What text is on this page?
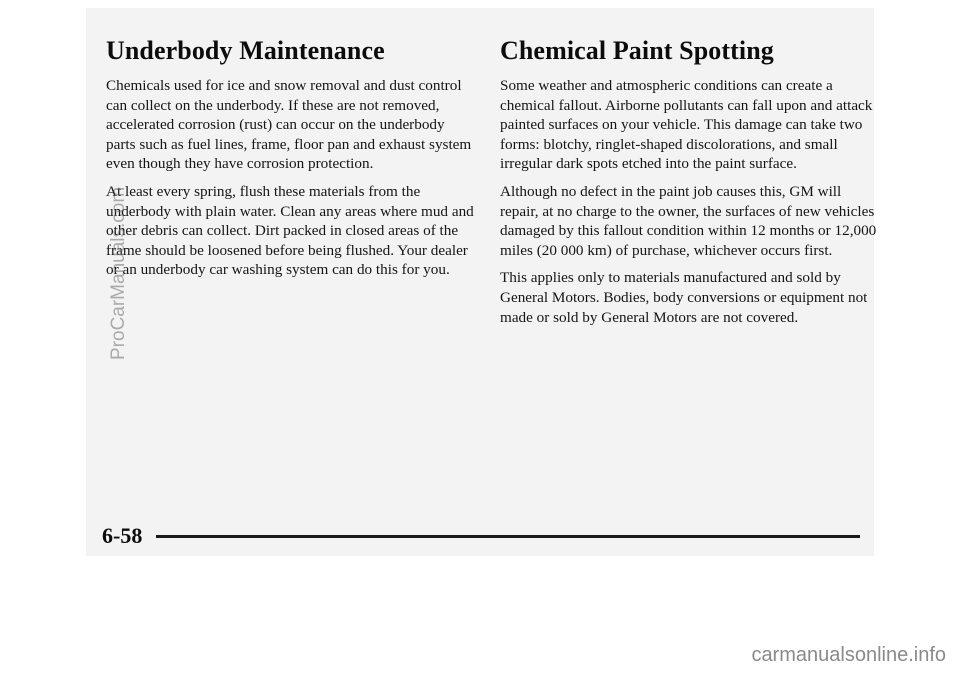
Underbody Maintenance

Chemicals used for ice and snow removal and dust control can collect on the underbody. If these are not removed, accelerated corrosion (rust) can occur on the underbody parts such as fuel lines, frame, floor pan and exhaust system even though they have corrosion protection.

At least every spring, flush these materials from the underbody with plain water. Clean any areas where mud and other debris can collect. Dirt packed in closed areas of the frame should be loosened before being flushed. Your dealer or an underbody car washing system can do this for you.

Chemical Paint Spotting

Some weather and atmospheric conditions can create a chemical fallout. Airborne pollutants can fall upon and attack painted surfaces on your vehicle. This damage can take two forms: blotchy, ringlet-shaped discolorations, and small irregular dark spots etched into the paint surface.

Although no defect in the paint job causes this, GM will repair, at no charge to the owner, the surfaces of new vehicles damaged by this fallout condition within 12 months or 12,000 miles (20 000 km) of purchase, whichever occurs first.

This applies only to materials manufactured and sold by General Motors. Bodies, body conversions or equipment not made or sold by General Motors are not covered.

6-58
ProCarManuals.com
carmanualsonline.info
